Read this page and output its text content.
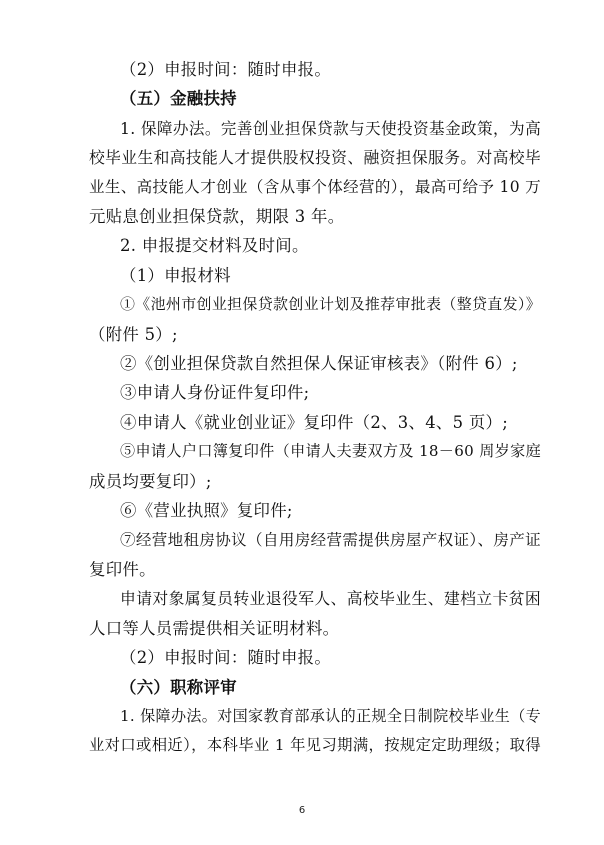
（2）申报时间：随时申报。
（五）金融扶持
1. 保障办法。完善创业担保贷款与天使投资基金政策，为高
校毕业生和高技能人才提供股权投资、融资担保服务。对高校毕
业生、高技能人才创业（含从事个体经营的），最高可给予 10 万
元贴息创业担保贷款，期限 3 年。
2. 申报提交材料及时间。
（1）申报材料
①《池州市创业担保贷款创业计划及推荐审批表（整贷直发）》
（附件 5）;
②《创业担保贷款自然担保人保证审核表》（附件 6）;
③申请人身份证件复印件;
④申请人《就业创业证》复印件（2、3、4、5 页）;
⑤申请人户口簿复印件（申请人夫妻双方及 18－60 周岁家庭
成员均要复印）;
⑥《营业执照》复印件;
⑦经营地租房协议（自用房经营需提供房屋产权证）、房产证
复印件。
申请对象属复员转业退役军人、高校毕业生、建档立卡贫困
人口等人员需提供相关证明材料。
（2）申报时间：随时申报。
（六）职称评审
1. 保障办法。对国家教育部承认的正规全日制院校毕业生（专
业对口或相近），本科毕业 1 年见习期满，按规定定助理级；取得
6
